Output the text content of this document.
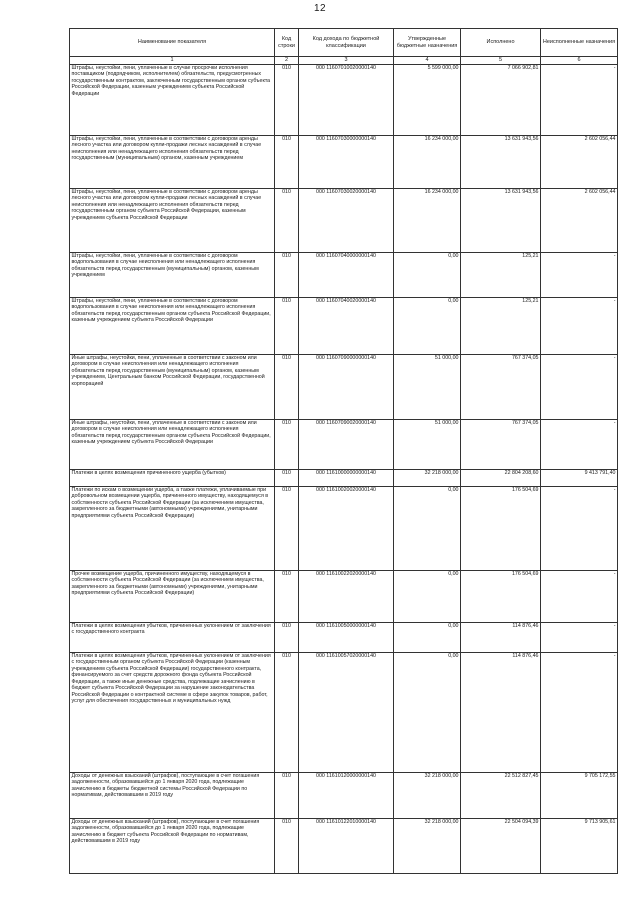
12
Наименование показателя	Код строки	Код дохода по бюджетной классификации	Утвержденные бюджетные назначения	Исполнено	Неисполненные назначения
1	2	3	4	5	6
Штрафы, неустойки, пени, уплаченные в случае просрочки исполнения поставщиком (подрядчиком, исполнителем) обязательств, предусмотренных государственным контрактом, заключенным государственным органом субъекта Российской Федерации, казенным учреждением субъекта Российской Федерации	010	000 11607010020000140	5 599 000,00	7 066 902,81	-
Штрафы, неустойки, пени, уплаченные в соответствии с договором аренды лесного участка или договором купли-продажи лесных насаждений в случае неисполнения или ненадлежащего исполнения обязательств перед государственным (муниципальным) органом, казенным учреждением	010	000 11607030000000140	16 234 000,00	13 631 943,56	2 602 056,44
Штрафы, неустойки, пени, уплаченные в соответствии с договором аренды лесного участка или договором купли-продажи лесных насаждений в случае неисполнения или ненадлежащего исполнения обязательств перед государственным органом субъекта Российской Федерации, казенным учреждением субъекта Российской Федерации	010	000 11607030020000140	16 234 000,00	13 631 943,56	2 602 056,44
Штрафы, неустойки, пени, уплаченные в соответствии с договором водопользования в случае неисполнения или ненадлежащего исполнения обязательств перед государственным (муниципальным) органом, казенным учреждением	010	000 11607040000000140	0,00	125,21	-
Штрафы, неустойки, пени, уплаченные в соответствии с договором водопользования в случае неисполнения или ненадлежащего исполнения обязательств перед государственным органом субъекта Российской Федерации, казенным учреждением субъекта Российской Федерации	010	000 11607040020000140	0,00	125,21	-
Иные штрафы, неустойки, пени, уплаченные в соответствии с законом или договором в случае неисполнения или ненадлежащего исполнения обязательств перед государственным (муниципальным) органом, казенным учреждением, Центральным банком Российской Федерации, государственной корпорацией	010	000 11607090000000140	51 000,00	767 374,05	-
Иные штрафы, неустойки, пени, уплаченные в соответствии с законом или договором в случае неисполнения или ненадлежащего исполнения обязательств перед государственным органом субъекта Российской Федерации, казенным учреждением субъекта Российской Федерации	010	000 11607090020000140	51 000,00	767 374,05	-
Платежи в целях возмещения причиненного ущерба (убытков)	010	000 11610000000000140	32 218 000,00	22 804 208,60	9 413 791,40
Платежи по искам о возмещении ущерба, а также платежи, уплачиваемые при добровольном возмещении ущерба, причиненного имуществу, находящемуся в собственности субъекта Российской Федерации (за исключением имущества, закрепленного за бюджетными (автономными) учреждениями, унитарными предприятиями субъекта Российской Федерации)	010	000 11610020020000140	0,00	176 504,69	-
Прочее возмещение ущерба, причиненного имуществу, находящемуся в собственности субъекта Российской Федерации (за исключением имущества, закрепленного за бюджетными (автономными) учреждениями, унитарными предприятиями субъекта Российской Федерации)	010	000 11610022020000140	0,00	176 504,69	-
Платежи в целях возмещения убытков, причиненных уклонением от заключения с государственного контракта	010	000 11610050000000140	0,00	114 876,46	-
Платежи в целях возмещения убытков, причиненных уклонением от заключения с государственным органом субъекта Российской Федерации (казенным учреждением субъекта Российской Федерации) государственного контракта, финансируемого за счет средств дорожного фонда субъекта Российской Федерации, а также иные денежные средства, подлежащие зачислению в бюджет субъекта Российской Федерации за нарушение законодательства Российской Федерации о контрактной системе в сфере закупок товаров, работ, услуг для обеспечения государственных и муниципальных нужд	010	000 11610057020000140	0,00	114 876,46	-
Доходы от денежных взысканий (штрафов), поступающие в счет погашения задолженности, образовавшейся до 1 января 2020 года, подлежащие зачислению в бюджеты бюджетной системы Российской Федерации по нормативам, действовавшим в 2019 году	010	000 11610120000000140	32 218 000,00	22 512 827,45	9 705 172,55
Доходы от денежных взысканий (штрафов), поступающие в счет погашения задолженности, образовавшейся до 1 января 2020 года, подлежащие зачислению в бюджет субъекта Российской Федерации по нормативам, действовавшим в 2019 году	010	000 11610122010000140	32 218 000,00	22 504 094,39	9 713 905,61
